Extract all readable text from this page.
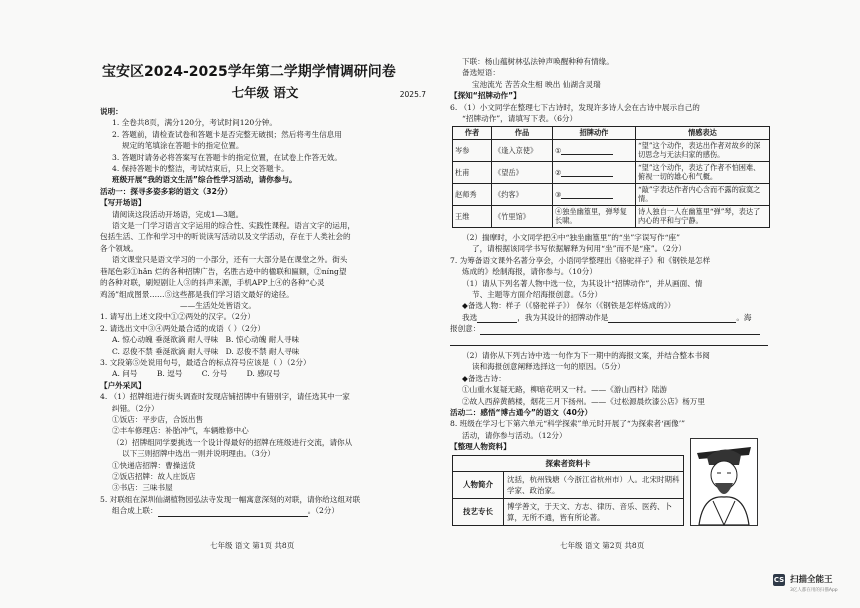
宝安区2024-2025学年第二学期学情调研问卷
七年级 语文	2025.7

说明：

1. 全卷共8页，满分120分，考试时间120分钟。

2. 答题前，请检查试卷和答题卡是否完整无破损；然后将考生信息用

规定的笔填涂在答题卡的指定位置。

3. 答题时请务必将答案写在答题卡的指定位置，在试卷上作答无效。

4. 保持答题卡的整洁，考试结束后，只上交答题卡。

班级开展“我的语文生活”综合性学习活动，请你参与。

活动一：探寻多姿多彩的语文（32分）

【写开场语】

请阅读这段活动开场语，完成1—3题。

语文是一门学习语言文字运用的综合性、实践性课程。语言文字的运用，

包括生活、工作和学习中的听说读写活动以及文学活动，存在于人类社会的

各个领域。

语文课堂只是语文学习的一小部分，还有一大部分是在课堂之外。街头

巷尾色彩①hǎn 烂的各种招牌广告，名胜古迹中的楹联和匾额，②níng望

的各种对联，刷短剧让人③的抖声来源，手机APP上④的各种“心灵

鸡汤”组成图景……⑤这些都是我们学习语文最好的途径。

——生活处处皆语文。

1. 请写出上述文段中①②两处的汉字。（2分）

2. 请选出文中③④两处最合适的成语（ ）（2分）

A. 惊心动魄 垂涎欲滴 耐人寻味 B. 惊心动魄 耐人寻味

C. 忍俊不禁 垂涎欲滴 耐人寻味 D. 忍俊不禁 耐人寻味

3. 文段第⑤处说用句号，最适合的标点符号应该是（ ）（2分）

A. 问号	B. 逗号	C. 分号	D. 感叹号

【户外采风】

4. （1）招牌组进行街头调查时发现店铺招牌中有错别字，请任选其中一家

纠错。（2分）

①饭店：平步店，合饭出售

②丰车修理店：补胎冲气，车辆维修中心

（2）招牌组同学要挑选一个设计得最好的招牌在班级进行交流，请你从

以下三则招牌中选出一则并说明理由。（3分）

①快递店招牌：曹操送货

②饭店招牌：故人庄饭店

③书店：三味书屋

5. 对联组在深圳仙湖植物园弘法寺发现一幅寓意深刻的对联，请你给这组对联

组合成上联：	。（2分）

七年级 语文 第1页 共8页

下联：杨山蕴树林弘法钟声唤醒种种有情缘。

备选短语：

宝池流光 苦苦众生相 映出 仙湖含灵瑞

【探知“招牌动作”】

6. （1）小文同学在整理七下古诗时，发现许多诗人会在古诗中展示自己的

“招牌动作”，请填写下表。（6分）

作者	作品	招牌动作	情感表达
岑参	《逢入京使》	①	“望”这个动作，表达出作者对故乡的深切思念与无法归家的感伤。
杜甫	《望岳》	②	“望”这个动作，表达了作者不怕困难、俯视一切的雄心和气概。
赵师秀	《约客》	③	“敲”字表达作者内心含而不露的寂寞之情。
王维	《竹里馆》	④独坐幽篁里，弹琴复长啸。	诗人独自一人在幽篁里“弹”琴，表达了内心的平和与宁静。

（2）揣摩时，小文同学把④中“独坐幽篁里”的“坐”字误写作“座”

了，请根据该同学书写依据解释为何用“坐”而不是“座”。（2分）

7. 为筹备语文课外名著分享会，小语同学整理出《骆驼祥子》和《钢铁是怎样

炼成的》绘制海报，请你参与。（10分）

（1）请从下列名著人物中选一位，为其设计“招牌动作”，并从画面、情

节、主题等方面介绍海报创意。（5分）

◆备选人物：样子（《骆驼祥子》） 保尔（《钢铁是怎样炼成的》）

我选	，我为其设计的招牌动作是	。海

报创意：

（2）请你从下列古诗中选一句作为下一期中的海报文案，并结合整本书阅

读和海报创意阐释选择这一句的原因。（5分）

◆备选古诗：

①山重水复疑无路，柳暗花明又一村。——《游山西村》陆游

②故人西辞黄鹤楼，烟花三月下扬州。——《过松源晨炊漆公店》杨万里

活动二：感悟“博古通今”的语文（40分）

8. 班级在学习七下第六单元“科学探索”单元时开展了“为探索者‘画像’”

活动，请你参与活动。（12分）

【整理人物资料】

探索者资料卡	
人物简介	沈括，杭州钱塘（今浙江省杭州市）人。北宋时期科学家、政治家。
技艺专长	博学善文，于天文、方志、律历、音乐、医药、卜算，无所不通，皆有所论著。
七年级 语文 第2页 共8页
CS 扫描全能王
3亿人都在用的扫描App
